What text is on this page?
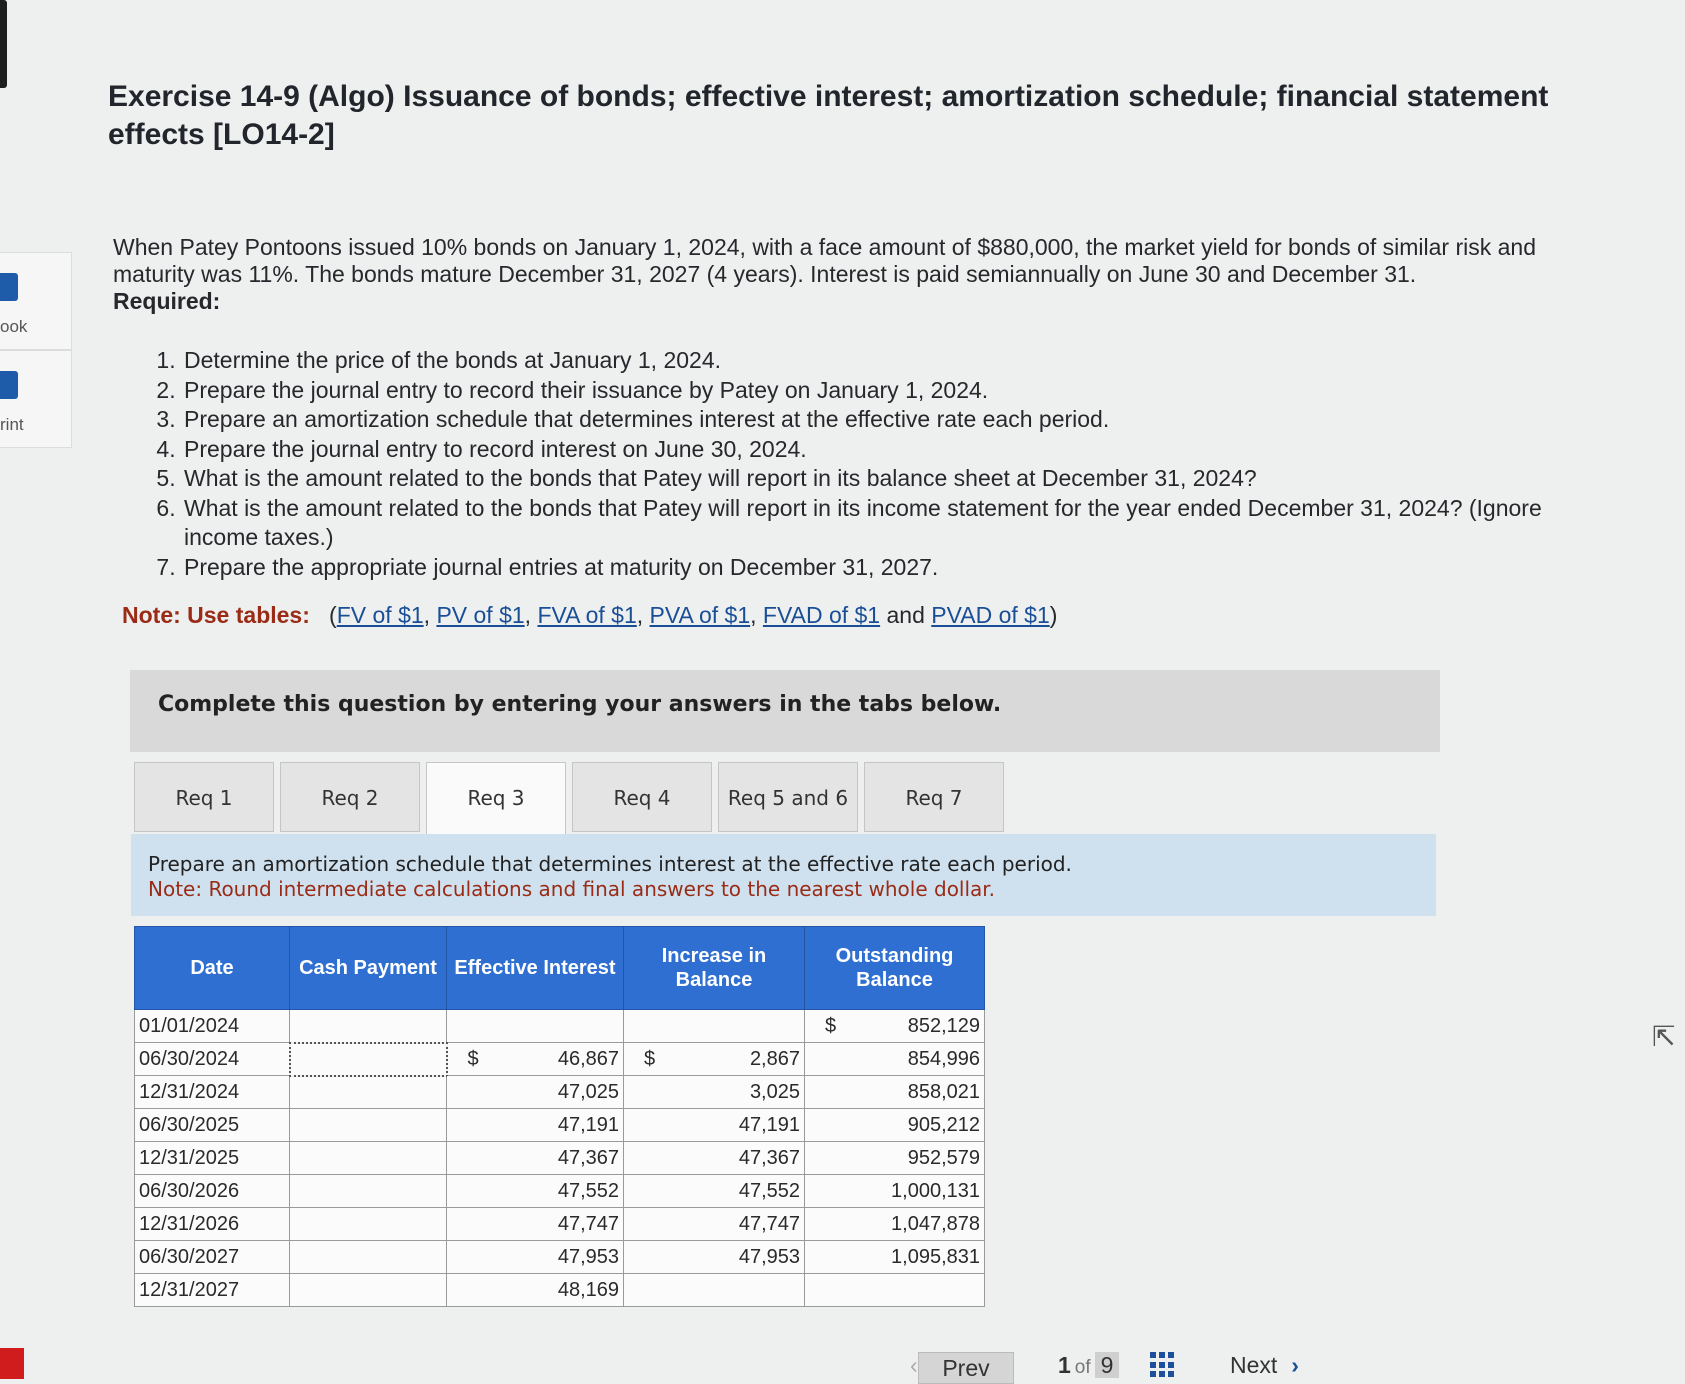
ook
rint
Exercise 14-9 (Algo) Issuance of bonds; effective interest; amortization schedule; financial statement effects [LO14-2]
When Patey Pontoons issued 10% bonds on January 1, 2024, with a face amount of $880,000, the market yield for bonds of similar risk and maturity was 11%. The bonds mature December 31, 2027 (4 years). Interest is paid semiannually on June 30 and December 31.
Required:
1. Determine the price of the bonds at January 1, 2024.
2. Prepare the journal entry to record their issuance by Patey on January 1, 2024.
3. Prepare an amortization schedule that determines interest at the effective rate each period.
4. Prepare the journal entry to record interest on June 30, 2024.
5. What is the amount related to the bonds that Patey will report in its balance sheet at December 31, 2024?
6. What is the amount related to the bonds that Patey will report in its income statement for the year ended December 31, 2024? (Ignore income taxes.)
7. Prepare the appropriate journal entries at maturity on December 31, 2027.
Note: Use tables: (FV of $1, PV of $1, FVA of $1, PVA of $1, FVAD of $1 and PVAD of $1)
Complete this question by entering your answers in the tabs below.
Req 1	Req 2	Req 3	Req 4	Req 5 and 6	Req 7
Prepare an amortization schedule that determines interest at the effective rate each period.
Note: Round intermediate calculations and final answers to the nearest whole dollar.
Date	Cash Payment	Effective Interest	Increase in Balance	Outstanding Balance
01/01/2024				$ 852,129
06/30/2024		$ 46,867	$ 2,867	854,996
12/31/2024		47,025	3,025	858,021
06/30/2025		47,191	47,191	905,212
12/31/2025		47,367	47,367	952,579
06/30/2026		47,552	47,552	1,000,131
12/31/2026		47,747	47,747	1,047,878
06/30/2027		47,953	47,953	1,095,831
12/31/2027		48,169		
‹	Prev	1 of 9	Next ›
⇱
